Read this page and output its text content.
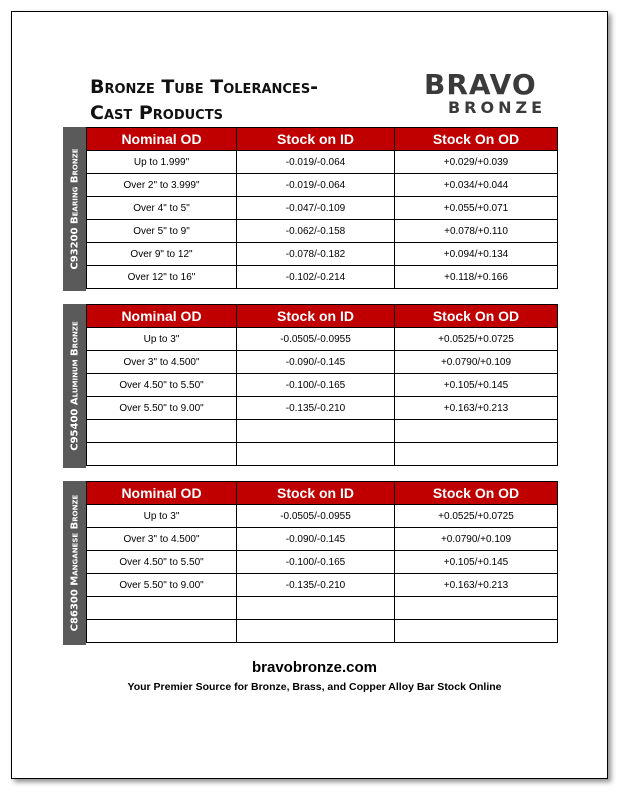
Bronze Tube Tolerances-
Cast Products
BRAVO
BRONZE
C93200 Bearing Bronze
Nominal OD	Stock on ID	Stock On OD
Up to 1.999"	-0.019/-0.064	+0.029/+0.039
Over 2" to 3.999"	-0.019/-0.064	+0.034/+0.044
Over 4" to 5"	-0.047/-0.109	+0.055/+0.071
Over 5" to 9"	-0.062/-0.158	+0.078/+0.110
Over 9" to 12"	-0.078/-0.182	+0.094/+0.134
Over 12" to 16"	-0.102/-0.214	+0.118/+0.166
C95400 Aluminum Bronze
Nominal OD	Stock on ID	Stock On OD
Up to 3"	-0.0505/-0.0955	+0.0525/+0.0725
Over 3" to 4.500"	-0.090/-0.145	+0.0790/+0.109
Over 4.50" to 5.50"	-0.100/-0.165	+0.105/+0.145
Over 5.50" to 9.00"	-0.135/-0.210	+0.163/+0.213

C86300 Manganese Bronze
Nominal OD	Stock on ID	Stock On OD
Up to 3"	-0.0505/-0.0955	+0.0525/+0.0725
Over 3" to 4.500"	-0.090/-0.145	+0.0790/+0.109
Over 4.50" to 5.50"	-0.100/-0.165	+0.105/+0.145
Over 5.50" to 9.00"	-0.135/-0.210	+0.163/+0.213

bravobronze.com
Your Premier Source for Bronze, Brass, and Copper Alloy Bar Stock Online
